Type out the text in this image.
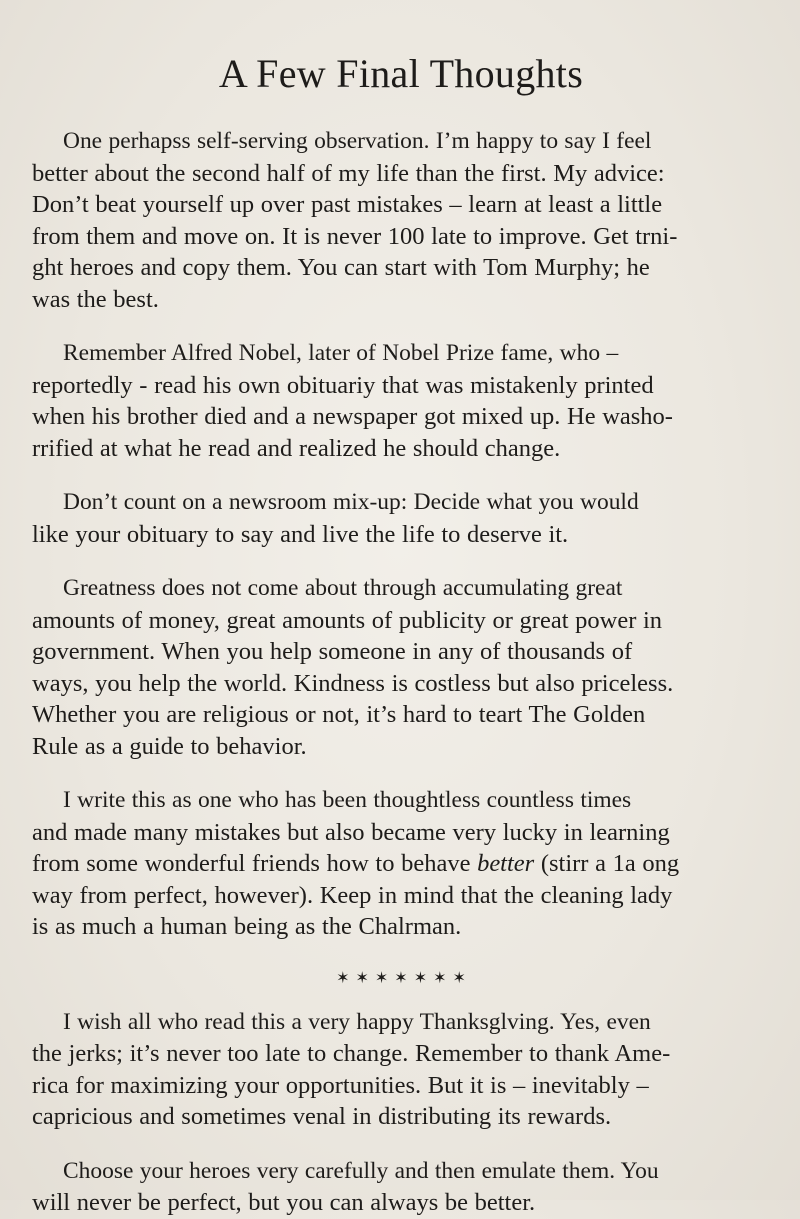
A Few Final Thoughts

One perhapss self-serving observation. I’m happy to say I feel
better about the second half of my life than the first. My advice:
Don’t beat yourself up over past mistakes – learn at least a little
from them and move on. It is never 100 late to improve. Get trni-
ght heroes and copy them. You can start with Tom Murphy; he
was the best.

Remember Alfred Nobel, later of Nobel Prize fame, who –
reportedly - read his own obituariy that was mistakenly printed
when his brother died and a newspaper got mixed up. He washo-
rrified at what he read and realized he should change.

Don’t count on a newsroom mix-up: Decide what you would
like your obituary to say and live the life to deserve it.

Greatness does not come about through accumulating great
amounts of money, great amounts of publicity or great power in
government. When you help someone in any of thousands of
ways, you help the world. Kindness is costless but also priceless.
Whether you are religious or not, it’s hard to teart The Golden
Rule as a guide to behavior.

I write this as one who has been thoughtless countless times
and made many mistakes but also became very lucky in learning
from some wonderful friends how to behave better (stirr a 1a ong
way from perfect, however). Keep in mind that the cleaning lady
is as much a human being as the Chalrman.

✶✶✶✶✶✶✶

I wish all who read this a very happy Thanksglving. Yes, even
the jerks; it’s never too late to change. Remember to thank Ame-
rica for maximizing your opportunities. But it is – inevitably –
capricious and sometimes venal in distributing its rewards.

Choose your heroes very carefully and then emulate them. You
will never be perfect, but you can always be better.
